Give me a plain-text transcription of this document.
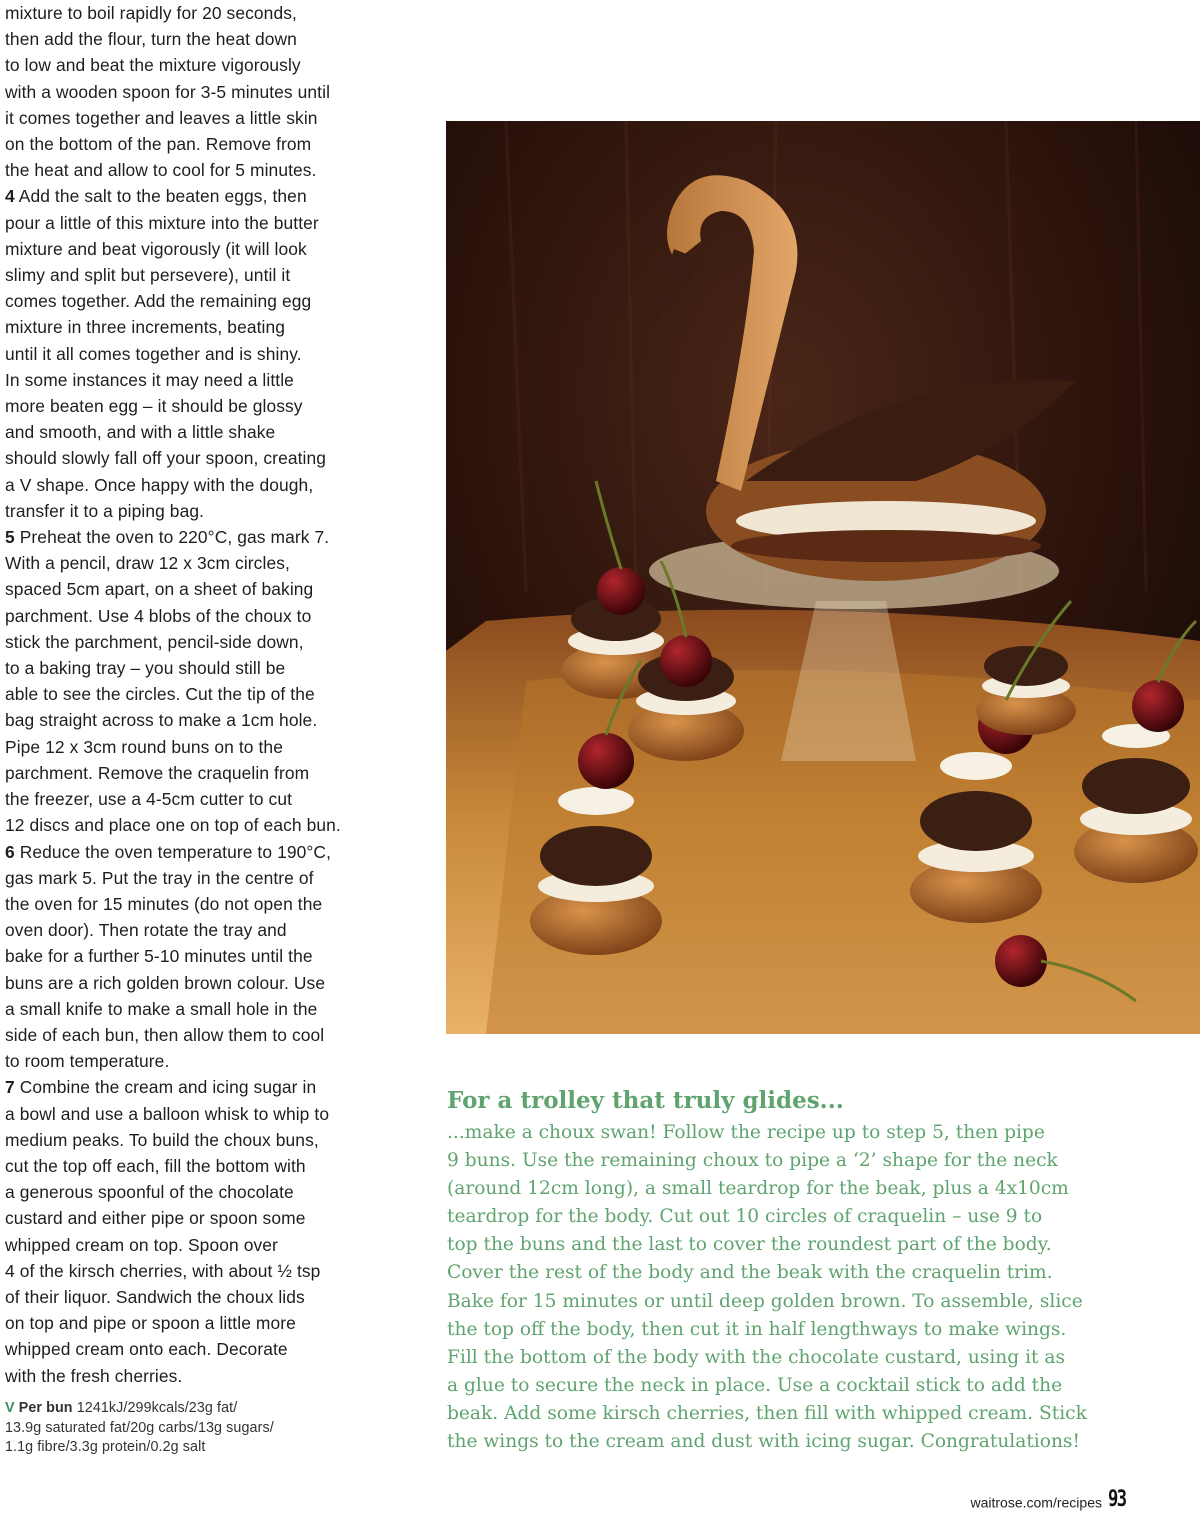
mixture to boil rapidly for 20 seconds,
then add the flour, turn the heat down
to low and beat the mixture vigorously
with a wooden spoon for 3-5 minutes until
it comes together and leaves a little skin
on the bottom of the pan. Remove from
the heat and allow to cool for 5 minutes.
4 Add the salt to the beaten eggs, then
pour a little of this mixture into the butter
mixture and beat vigorously (it will look
slimy and split but persevere), until it
comes together. Add the remaining egg
mixture in three increments, beating
until it all comes together and is shiny.
In some instances it may need a little
more beaten egg – it should be glossy
and smooth, and with a little shake
should slowly fall off your spoon, creating
a V shape. Once happy with the dough,
transfer it to a piping bag.
5 Preheat the oven to 220°C, gas mark 7.
With a pencil, draw 12 x 3cm circles,
spaced 5cm apart, on a sheet of baking
parchment. Use 4 blobs of the choux to
stick the parchment, pencil-side down,
to a baking tray – you should still be
able to see the circles. Cut the tip of the
bag straight across to make a 1cm hole.
Pipe 12 x 3cm round buns on to the
parchment. Remove the craquelin from
the freezer, use a 4-5cm cutter to cut
12 discs and place one on top of each bun.
6 Reduce the oven temperature to 190°C,
gas mark 5. Put the tray in the centre of
the oven for 15 minutes (do not open the
oven door). Then rotate the tray and
bake for a further 5-10 minutes until the
buns are a rich golden brown colour. Use
a small knife to make a small hole in the
side of each bun, then allow them to cool
to room temperature.
7 Combine the cream and icing sugar in
a bowl and use a balloon whisk to whip to
medium peaks. To build the choux buns,
cut the top off each, fill the bottom with
a generous spoonful of the chocolate
custard and either pipe or spoon some
whipped cream on top. Spoon over
4 of the kirsch cherries, with about ½ tsp
of their liquor. Sandwich the choux lids
on top and pipe or spoon a little more
whipped cream onto each. Decorate
with the fresh cherries.
V Per bun 1241kJ/299kcals/23g fat/
13.9g saturated fat/20g carbs/13g sugars/
1.1g fibre/3.3g protein/0.2g salt

For a trolley that truly glides...

...make a choux swan! Follow the recipe up to step 5, then pipe
9 buns. Use the remaining choux to pipe a ‘2’ shape for the neck
(around 12cm long), a small teardrop for the beak, plus a 4x10cm
teardrop for the body. Cut out 10 circles of craquelin – use 9 to
top the buns and the last to cover the roundest part of the body.
Cover the rest of the body and the beak with the craquelin trim.
Bake for 15 minutes or until deep golden brown. To assemble, slice
the top off the body, then cut it in half lengthways to make wings.
Fill the bottom of the body with the chocolate custard, using it as
a glue to secure the neck in place. Use a cocktail stick to add the
beak. Add some kirsch cherries, then fill with whipped cream. Stick
the wings to the cream and dust with icing sugar. Congratulations!

waitrose.com/recipes 93
